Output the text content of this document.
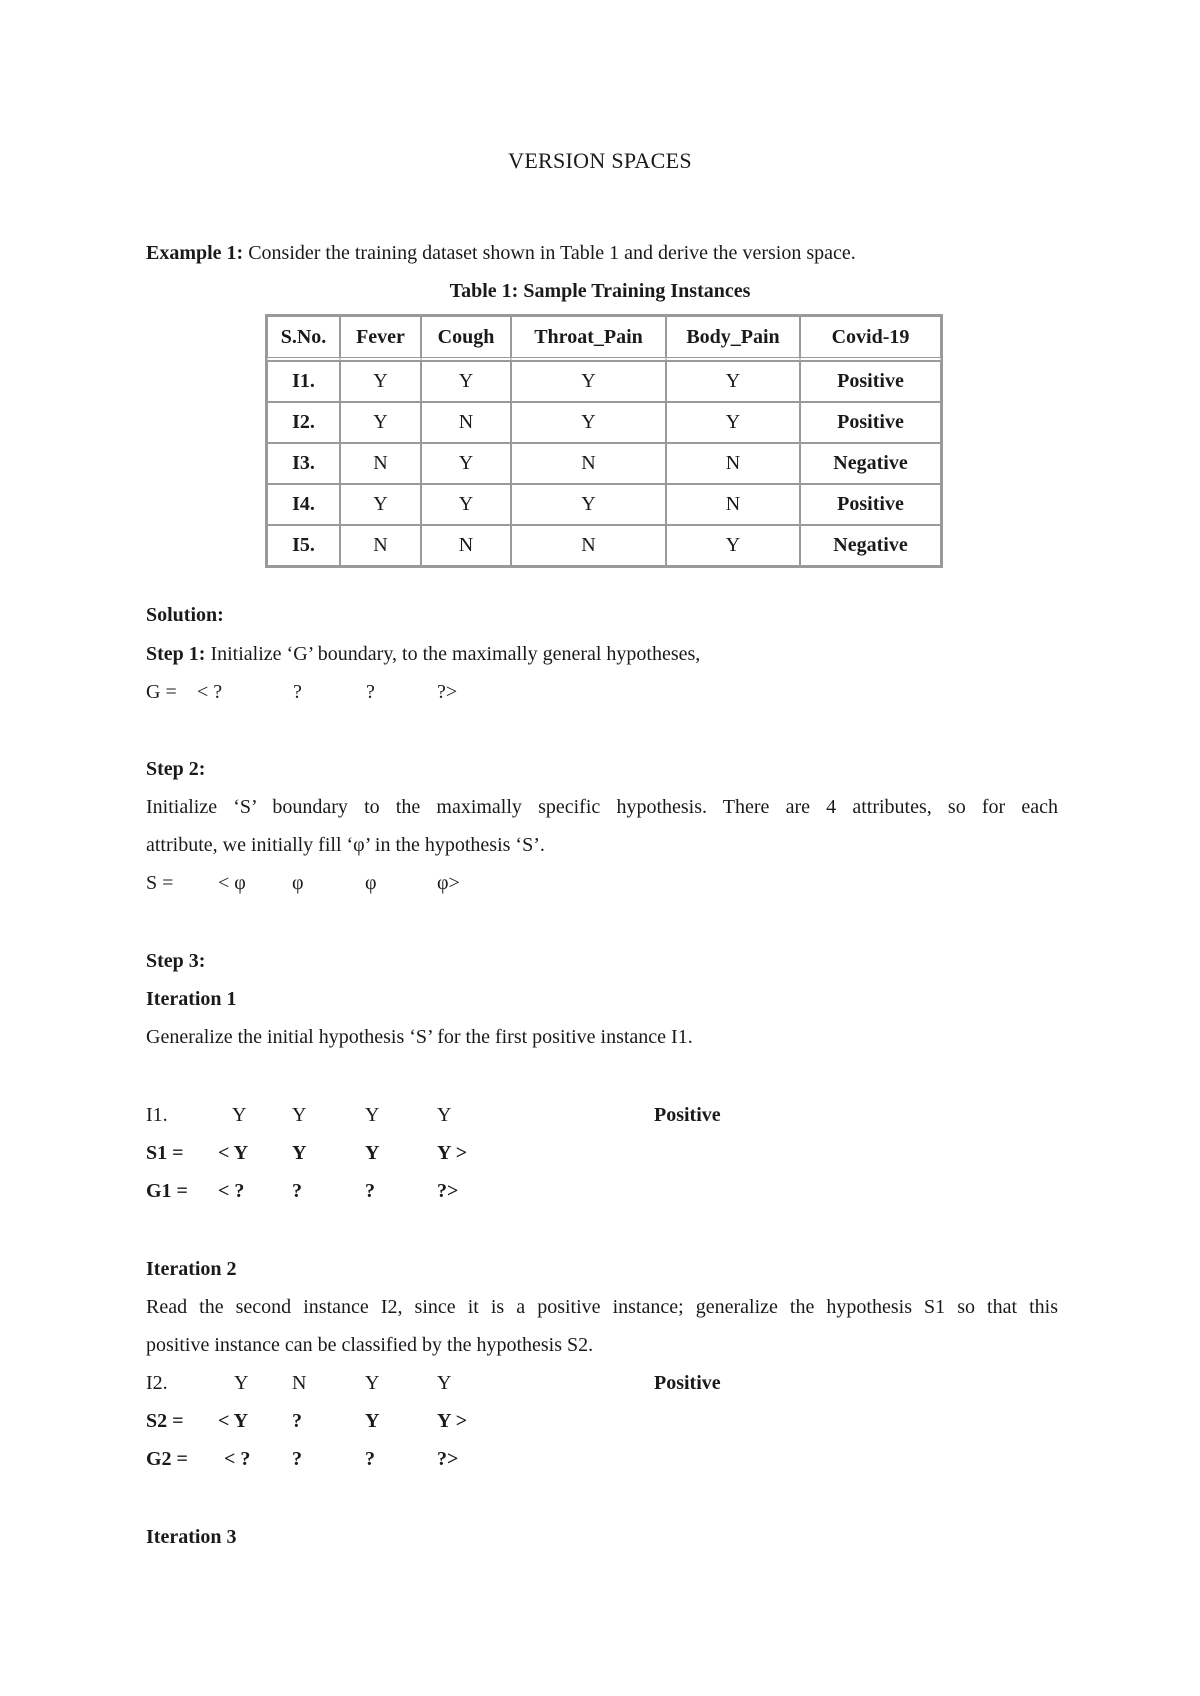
VERSION SPACES
Example 1: Consider the training dataset shown in Table 1 and derive the version space.
Table 1: Sample Training Instances
S.No.	Fever	Cough	Throat_Pain	Body_Pain	Covid-19
I1.	Y	Y	Y	Y	Positive
I2.	Y	N	Y	Y	Positive
I3.	N	Y	N	N	Negative
I4.	Y	Y	Y	N	Positive
I5.	N	N	N	Y	Negative
Solution:
Step 1: Initialize ‘G’ boundary, to the maximally general hypotheses,
G = < ?	?	?	?>
Step 2:
Initialize ‘S’ boundary to the maximally specific hypothesis. There are 4 attributes, so for each
attribute, we initially fill ‘φ’ in the hypothesis ‘S’.
S = < φ φ	φ	φ>
Step 3:
Iteration 1
Generalize the initial hypothesis ‘S’ for the first positive instance I1.
I1.	Y Y	Y	Y	Positive
S1 = < Y Y	Y	Y >
G1 = < ? ?	?	?>
Iteration 2
Read the second instance I2, since it is a positive instance; generalize the hypothesis S1 so that this
positive instance can be classified by the hypothesis S2.
I2.	Y N	Y	Y	Positive
S2 = < Y ?	Y	Y >
G2 = < ? ?	?	?>
Iteration 3
